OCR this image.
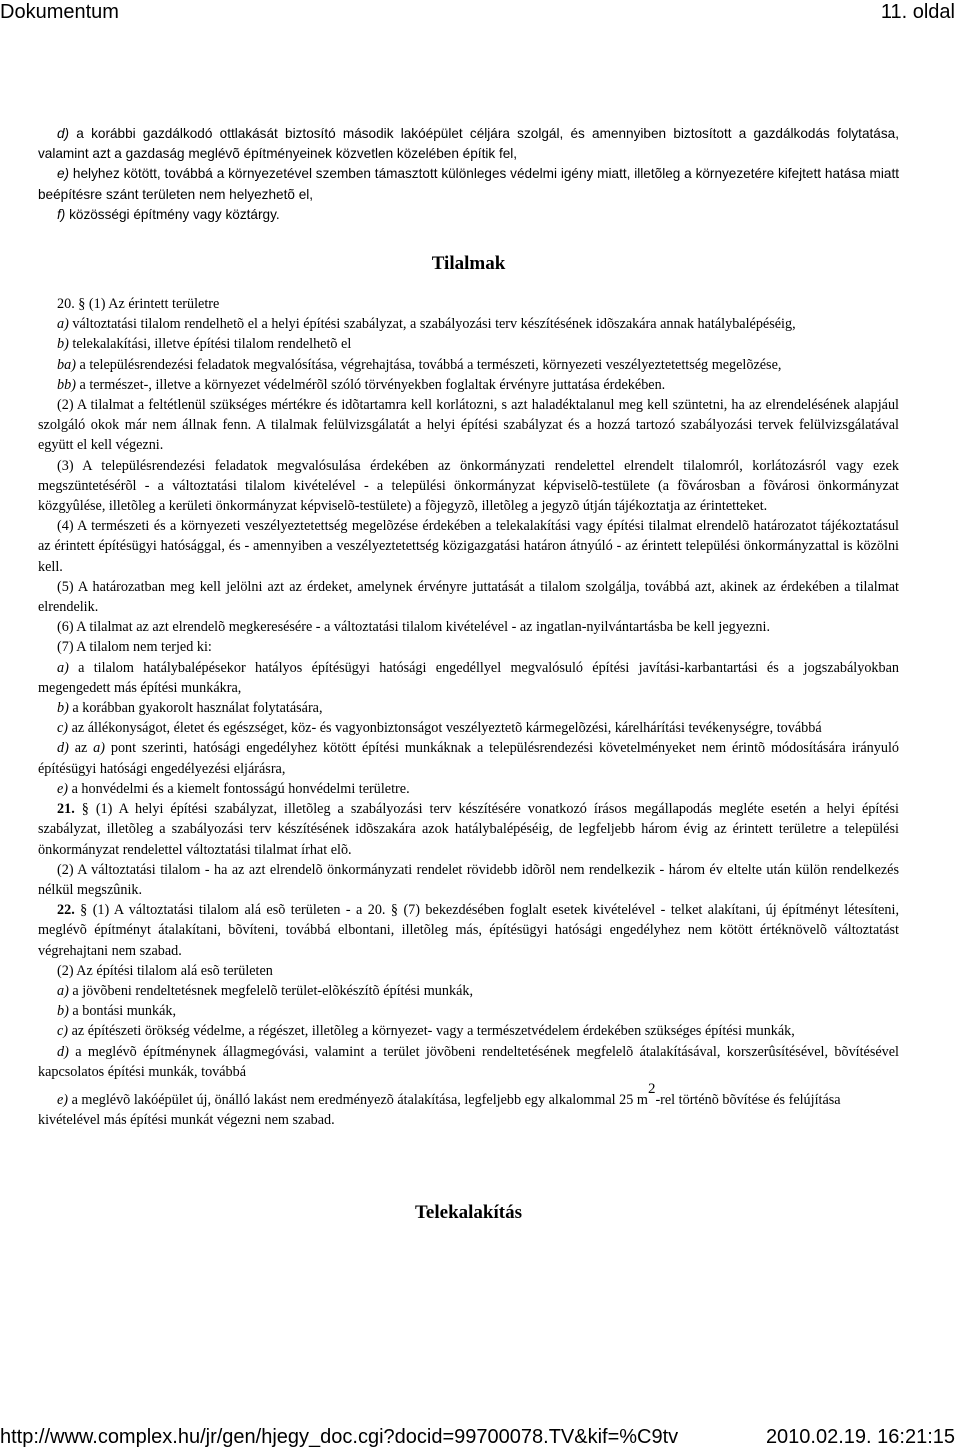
Dokumentum	11. oldal

d) a korábbi gazdálkodó ottlakását biztosító második lakóépület céljára szolgál, és amennyiben biztosított a gazdálkodás folytatása, valamint azt a gazdaság meglévõ építményeinek közvetlen közelében építik fel,

e) helyhez kötött, továbbá a környezetével szemben támasztott különleges védelmi igény miatt, illetõleg a környezetére kifejtett hatása miatt beépítésre szánt területen nem helyezhetõ el,

f) közösségi építmény vagy köztárgy.

Tilalmak

20. § (1) Az érintett területre

a) változtatási tilalom rendelhetõ el a helyi építési szabályzat, a szabályozási terv készítésének idõszakára annak hatálybalépéséig,

b) telekalakítási, illetve építési tilalom rendelhetõ el

ba) a településrendezési feladatok megvalósítása, végrehajtása, továbbá a természeti, környezeti veszélyeztetettség megelõzése,

bb) a természet-, illetve a környezet védelmérõl szóló törvényekben foglaltak érvényre juttatása érdekében.

(2) A tilalmat a feltétlenül szükséges mértékre és idõtartamra kell korlátozni, s azt haladéktalanul meg kell szüntetni, ha az elrendelésének alapjául szolgáló okok már nem állnak fenn. A tilalmak felülvizsgálatát a helyi építési szabályzat és a hozzá tartozó szabályozási tervek felülvizsgálatával együtt el kell végezni.

(3) A településrendezési feladatok megvalósulása érdekében az önkormányzati rendelettel elrendelt tilalomról, korlátozásról vagy ezek megszüntetésérõl - a változtatási tilalom kivételével - a települési önkormányzat képviselõ-testülete (a fõvárosban a fõvárosi önkormányzat közgyûlése, illetõleg a kerületi önkormányzat képviselõ-testülete) a fõjegyzõ, illetõleg a jegyzõ útján tájékoztatja az érintetteket.

(4) A természeti és a környezeti veszélyeztetettség megelõzése érdekében a telekalakítási vagy építési tilalmat elrendelõ határozatot tájékoztatásul az érintett építésügyi hatósággal, és - amennyiben a veszélyeztetettség közigazgatási határon átnyúló - az érintett települési önkormányzattal is közölni kell.

(5) A határozatban meg kell jelölni azt az érdeket, amelynek érvényre juttatását a tilalom szolgálja, továbbá azt, akinek az érdekében a tilalmat elrendelik.

(6) A tilalmat az azt elrendelõ megkeresésére - a változtatási tilalom kivételével - az ingatlan-nyilvántartásba be kell jegyezni.

(7) A tilalom nem terjed ki:

a) a tilalom hatálybalépésekor hatályos építésügyi hatósági engedéllyel megvalósuló építési javítási-karbantartási és a jogszabályokban megengedett más építési munkákra,

b) a korábban gyakorolt használat folytatására,

c) az állékonyságot, életet és egészséget, köz- és vagyonbiztonságot veszélyeztetõ kármegelõzési, kárelhárítási tevékenységre, továbbá

d) az a) pont szerinti, hatósági engedélyhez kötött építési munkáknak a településrendezési követelményeket nem érintõ módosítására irányuló építésügyi hatósági engedélyezési eljárásra,

e) a honvédelmi és a kiemelt fontosságú honvédelmi területre.

21. § (1) A helyi építési szabályzat, illetõleg a szabályozási terv készítésére vonatkozó írásos megállapodás megléte esetén a helyi építési szabályzat, illetõleg a szabályozási terv készítésének idõszakára azok hatálybalépéséig, de legfeljebb három évig az érintett területre a települési önkormányzat rendelettel változtatási tilalmat írhat elõ.

(2) A változtatási tilalom - ha az azt elrendelõ önkormányzati rendelet rövidebb idõrõl nem rendelkezik - három év eltelte után külön rendelkezés nélkül megszûnik.

22. § (1) A változtatási tilalom alá esõ területen - a 20. § (7) bekezdésében foglalt esetek kivételével - telket alakítani, új építményt létesíteni, meglévõ építményt átalakítani, bõvíteni, továbbá elbontani, illetõleg más, építésügyi hatósági engedélyhez nem kötött értéknövelõ változtatást végrehajtani nem szabad.

(2) Az építési tilalom alá esõ területen

a) a jövõbeni rendeltetésnek megfelelõ terület-elõkészítõ építési munkák,

b) a bontási munkák,

c) az építészeti örökség védelme, a régészet, illetõleg a környezet- vagy a természetvédelem érdekében szükséges építési munkák,

d) a meglévõ építménynek állagmegóvási, valamint a terület jövõbeni rendeltetésének megfelelõ átalakításával, korszerûsítésével, bõvítésével kapcsolatos építési munkák, továbbá

e) a meglévõ lakóépület új, önálló lakást nem eredményezõ átalakítása, legfeljebb egy alkalommal 25 $m^2$-rel történõ bõvítése és felújítása

kivételével más építési munkát végezni nem szabad.

Telekalakítás
http://www.complex.hu/jr/gen/hjegy_doc.cgi?docid=99700078.TV&kif=%C9tv	2010.02.19. 16:21:15
